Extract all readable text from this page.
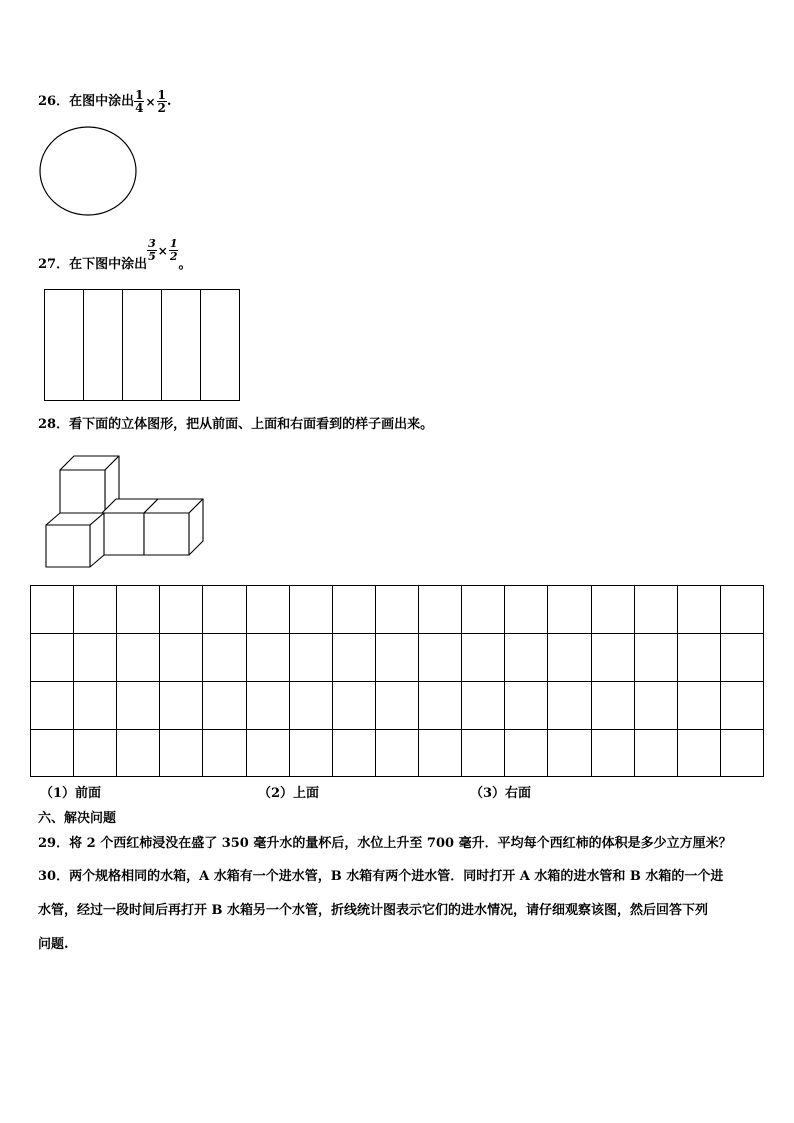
26．在图中涂出 $\frac{1}{4} \times \frac{1}{2}$ .
27．在下图中涂出
$\frac{3}{5} \times \frac{1}{2}$
。
28．看下面的立体图形，把从前面、上面和右面看到的样子画出来。
（1）前面	（2）上面	（3）右面
六、解决问题
29．将 2 个西红柿浸没在盛了 350 毫升水的量杯后，水位上升至 700 毫升．平均每个西红柿的体积是多少立方厘米？
30．两个规格相同的水箱，A 水箱有一个进水管，B 水箱有两个进水管．同时打开 A 水箱的进水管和 B 水箱的一个进
水管，经过一段时间后再打开 B 水箱另一个水管，折线统计图表示它们的进水情况，请仔细观察该图，然后回答下列
问题.
